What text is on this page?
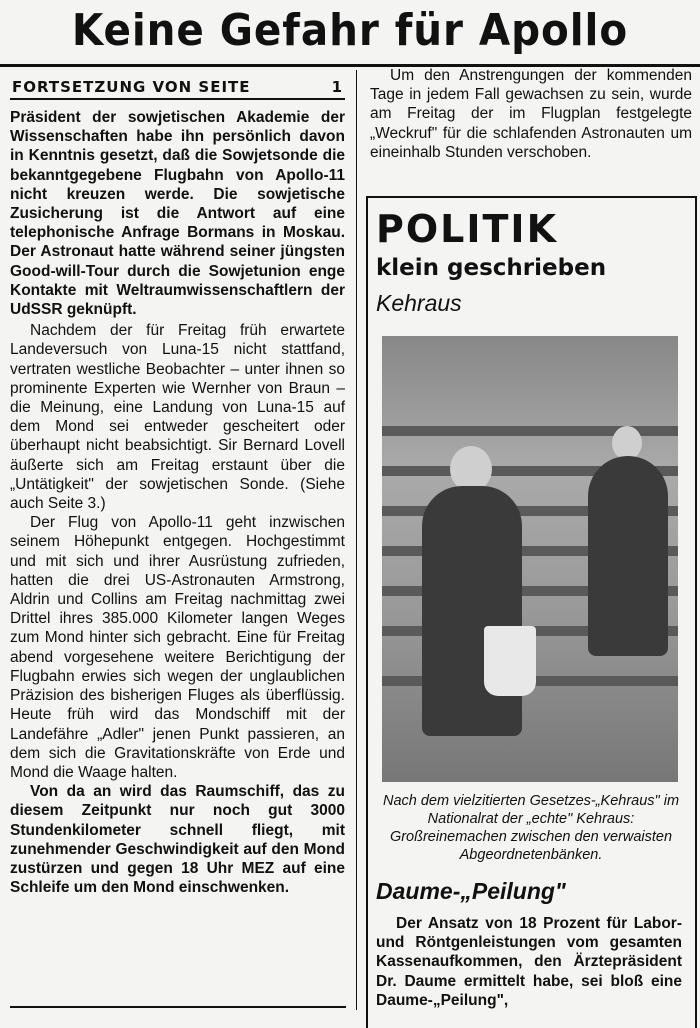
Keine Gefahr für Apollo
FORTSETZUNG VON SEITE	1

Präsident der sowjetischen Akademie der Wissenschaften habe ihn persönlich davon in Kenntnis gesetzt, daß die Sowjetsonde die bekanntgegebene Flugbahn von Apollo-11 nicht kreuzen werde. Die sowjetische Zusicherung ist die Antwort auf eine telephonische Anfrage Bormans in Moskau. Der Astronaut hatte während seiner jüngsten Good-will-Tour durch die Sowjetunion enge Kontakte mit Weltraumwissenschaftlern der UdSSR geknüpft.

Nachdem der für Freitag früh erwartete Landeversuch von Luna-15 nicht stattfand, vertraten westliche Beobachter – unter ihnen so prominente Experten wie Wernher von Braun – die Meinung, eine Landung von Luna-15 auf dem Mond sei entweder gescheitert oder überhaupt nicht beabsichtigt. Sir Bernard Lovell äußerte sich am Freitag erstaunt über die „Untätigkeit" der sowjetischen Sonde. (Siehe auch Seite 3.)

Der Flug von Apollo-11 geht inzwischen seinem Höhepunkt entgegen. Hochgestimmt und mit sich und ihrer Ausrüstung zufrieden, hatten die drei US-Astronauten Armstrong, Aldrin und Collins am Freitag nachmittag zwei Drittel ihres 385.000 Kilometer langen Weges zum Mond hinter sich gebracht. Eine für Freitag abend vorgesehene weitere Berichtigung der Flugbahn erwies sich wegen der unglaublichen Präzision des bisherigen Fluges als überflüssig. Heute früh wird das Mondschiff mit der Landefähre „Adler" jenen Punkt passieren, an dem sich die Gravitationskräfte von Erde und Mond die Waage halten.

Von da an wird das Raumschiff, das zu diesem Zeitpunkt nur noch gut 3000 Stundenkilometer schnell fliegt, mit zunehmender Geschwindigkeit auf den Mond zustürzen und gegen 18 Uhr MEZ auf eine Schleife um den Mond einschwenken.

Um den Anstrengungen der kommenden Tage in jedem Fall gewachsen zu sein, wurde am Freitag der im Flugplan festgelegte „Weckruf" für die schlafenden Astronauten um eineinhalb Stunden verschoben.

POLITIK
klein geschrieben
Kehraus
Nach dem vielzitierten Gesetzes-„Kehraus" im Nationalrat der „echte" Kehraus: Großreinemachen zwischen den verwaisten Abgeordnetenbänken.
Daume-„Peilung"

Der Ansatz von 18 Prozent für Labor- und Röntgenleistungen vom gesamten Kassenaufkommen, den Ärztepräsident Dr. Daume ermittelt habe, sei bloß eine Daume-„Peilung",
